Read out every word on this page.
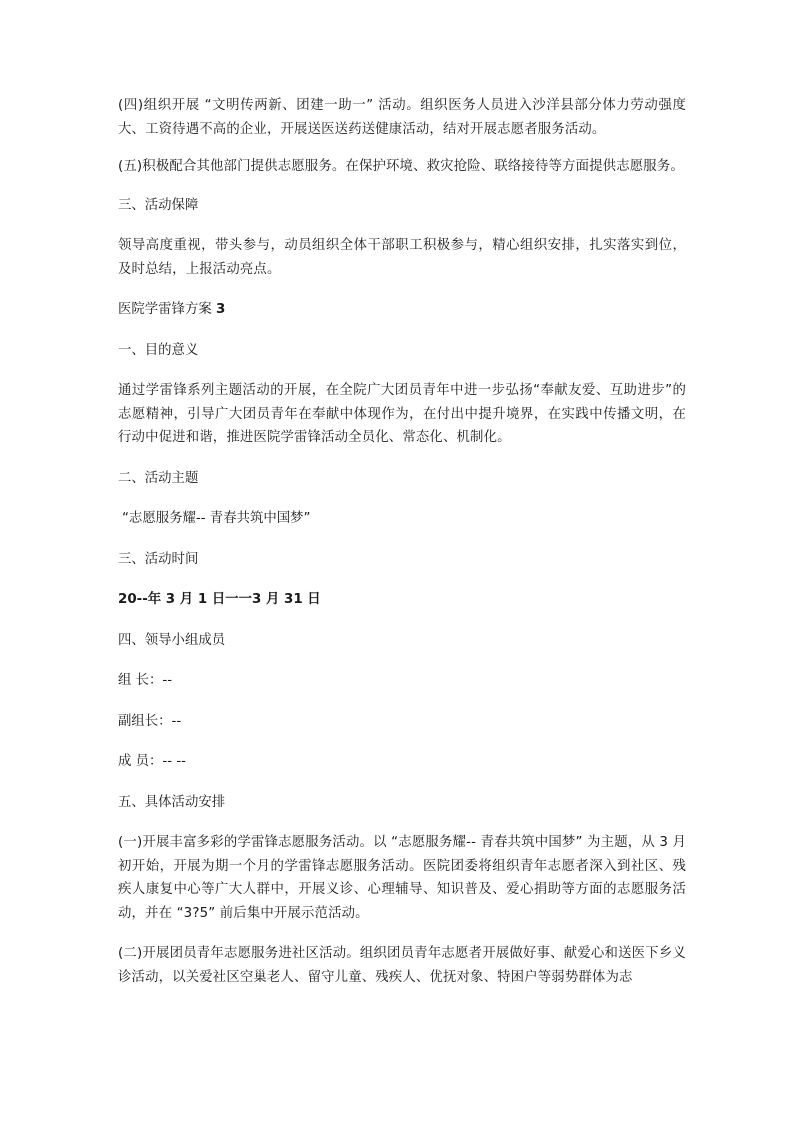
(四)组织开展 “文明传两新、团建一助一” 活动。组织医务人员进入沙洋县部分体力劳动强度大、工资待遇不高的企业，开展送医送药送健康活动，结对开展志愿者服务活动。

(五)积极配合其他部门提供志愿服务。在保护环境、救灾抢险、联络接待等方面提供志愿服务。

三、活动保障

领导高度重视，带头参与，动员组织全体干部职工积极参与，精心组织安排，扎实落实到位，及时总结，上报活动亮点。

医院学雷锋方案 3

一、目的意义

通过学雷锋系列主题活动的开展，在全院广大团员青年中进一步弘扬“奉献友爱、互助进步”的志愿精神，引导广大团员青年在奉献中体现作为，在付出中提升境界，在实践中传播文明，在行动中促进和谐，推进医院学雷锋活动全员化、常态化、机制化。

二、活动主题

“志愿服务耀-- 青春共筑中国梦”

三、活动时间

20--年 3 月 1 日一一3 月 31 日

四、领导小组成员

组 长：--

副组长：--

成 员：-- --

五、具体活动安排

(一)开展丰富多彩的学雷锋志愿服务活动。以 “志愿服务耀-- 青春共筑中国梦” 为主题，从 3 月初开始，开展为期一个月的学雷锋志愿服务活动。医院团委将组织青年志愿者深入到社区、残疾人康复中心等广大人群中，开展义诊、心理辅导、知识普及、爱心捐助等方面的志愿服务活动，并在 “3?5” 前后集中开展示范活动。

(二)开展团员青年志愿服务进社区活动。组织团员青年志愿者开展做好事、献爱心和送医下乡义诊活动，以关爱社区空巢老人、留守儿童、残疾人、优抚对象、特困户等弱势群体为志
